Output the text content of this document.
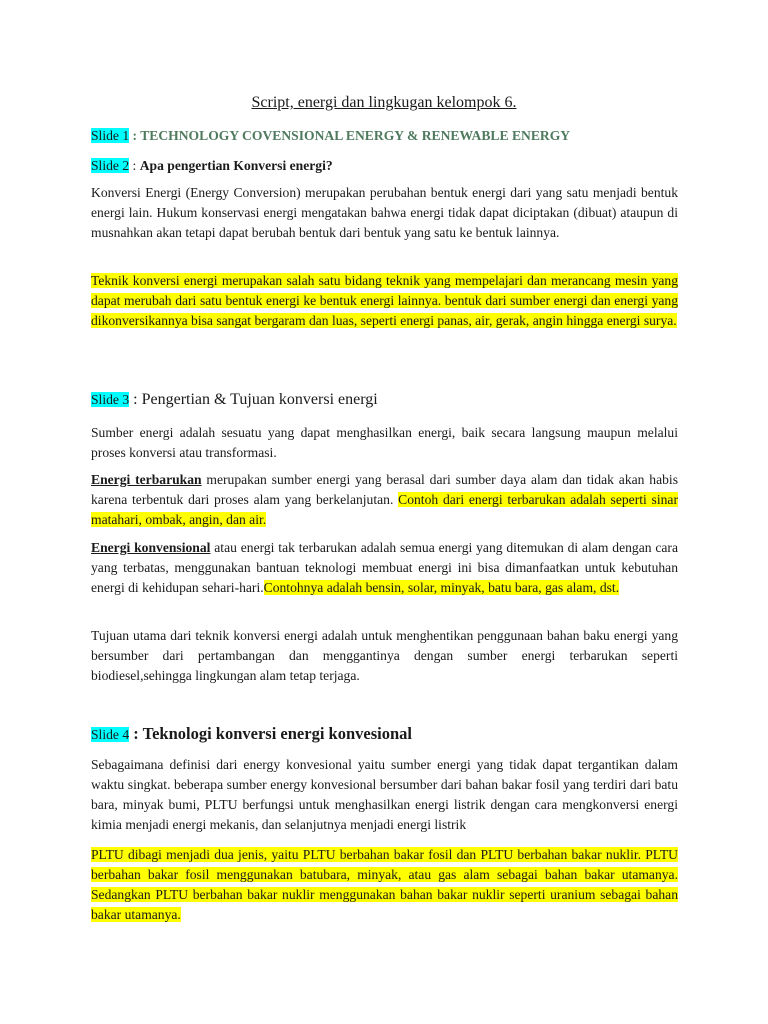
Script, energi dan lingkugan kelompok 6.
Slide 1 : TECHNOLOGY COVENSIONAL ENERGY & RENEWABLE ENERGY
Slide 2 : Apa pengertian Konversi energi?
Konversi Energi (Energy Conversion) merupakan perubahan bentuk energi dari yang satu menjadi bentuk energi lain. Hukum konservasi energi mengatakan bahwa energi tidak dapat diciptakan (dibuat) ataupun di musnahkan akan tetapi dapat berubah bentuk dari bentuk yang satu ke bentuk lainnya.
Teknik konversi energi merupakan salah satu bidang teknik yang mempelajari dan merancang mesin yang dapat merubah dari satu bentuk energi ke bentuk energi lainnya. bentuk dari sumber energi dan energi yang dikonversikannya bisa sangat bergaram dan luas, seperti energi panas, air, gerak, angin hingga energi surya.
Slide 3 : Pengertian & Tujuan konversi energi
Sumber energi adalah sesuatu yang dapat menghasilkan energi, baik secara langsung maupun melalui proses konversi atau transformasi.
Energi terbarukan merupakan sumber energi yang berasal dari sumber daya alam dan tidak akan habis karena terbentuk dari proses alam yang berkelanjutan. Contoh dari energi terbarukan adalah seperti sinar matahari, ombak, angin, dan air.
Energi konvensional atau energi tak terbarukan adalah semua energi yang ditemukan di alam dengan cara yang terbatas, menggunakan bantuan teknologi membuat energi ini bisa dimanfaatkan untuk kebutuhan energi di kehidupan sehari-hari.Contohnya adalah bensin, solar, minyak, batu bara, gas alam, dst.
Tujuan utama dari teknik konversi energi adalah untuk menghentikan penggunaan bahan baku energi yang bersumber dari pertambangan dan menggantinya dengan sumber energi terbarukan seperti biodiesel,sehingga lingkungan alam tetap terjaga.
Slide 4 : Teknologi konversi energi konvesional
Sebagaimana definisi dari energy konvesional yaitu sumber energi yang tidak dapat tergantikan dalam waktu singkat. beberapa sumber energy konvesional bersumber dari bahan bakar fosil yang terdiri dari batu bara, minyak bumi, PLTU berfungsi untuk menghasilkan energi listrik dengan cara mengkonversi energi kimia menjadi energi mekanis, dan selanjutnya menjadi energi listrik
PLTU dibagi menjadi dua jenis, yaitu PLTU berbahan bakar fosil dan PLTU berbahan bakar nuklir. PLTU berbahan bakar fosil menggunakan batubara, minyak, atau gas alam sebagai bahan bakar utamanya. Sedangkan PLTU berbahan bakar nuklir menggunakan bahan bakar nuklir seperti uranium sebagai bahan bakar utamanya.
